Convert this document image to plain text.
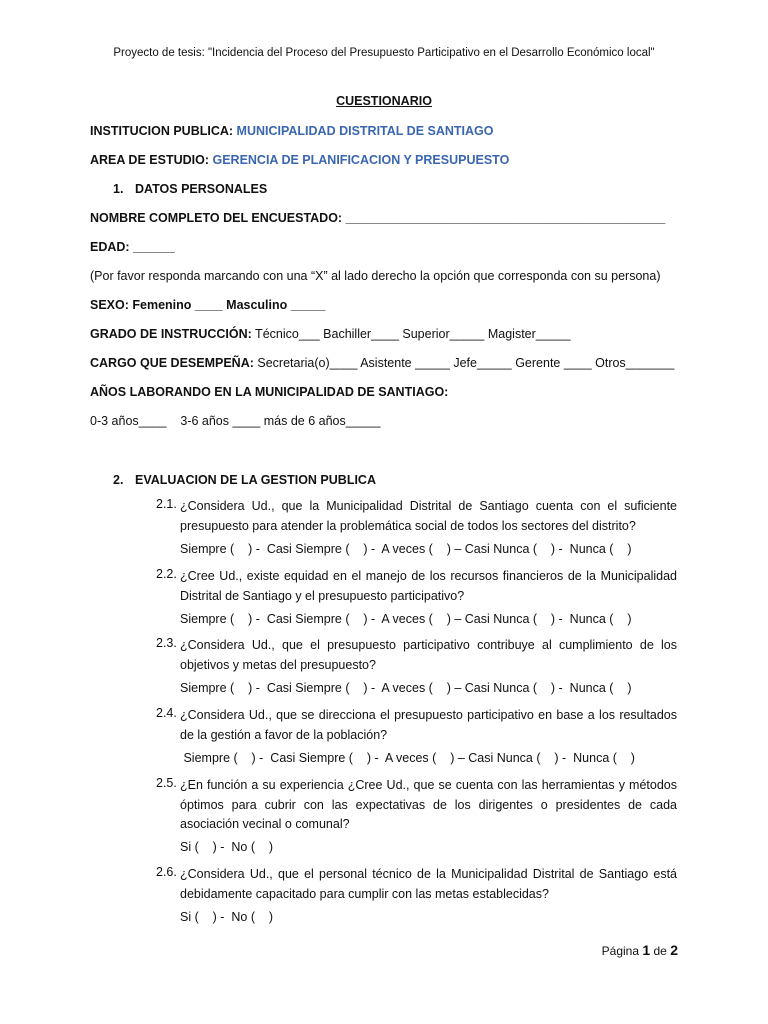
Proyecto de tesis: "Incidencia del Proceso del Presupuesto Participativo en el Desarrollo Económico local"
CUESTIONARIO
INSTITUCION PUBLICA: MUNICIPALIDAD DISTRITAL DE SANTIAGO
AREA DE ESTUDIO: GERENCIA DE PLANIFICACION Y PRESUPUESTO
1. DATOS PERSONALES
NOMBRE COMPLETO DEL ENCUESTADO: ______________________________________________
EDAD: ______
(Por favor responda marcando con una “X” al lado derecho la opción que corresponda con su persona)
SEXO: Femenino ____ Masculino _____
GRADO DE INSTRUCCIÓN: Técnico___ Bachiller____ Superior_____ Magister_____
CARGO QUE DESEMPEÑA: Secretaria(o)____ Asistente _____ Jefe_____ Gerente ____ Otros_______
AÑOS LABORANDO EN LA MUNICIPALIDAD DE SANTIAGO:
0-3 años____    3-6 años ____ más de 6 años_____
2. EVALUACION DE LA GESTION PUBLICA
2.1. ¿Considera Ud., que la Municipalidad Distrital de Santiago cuenta con el suficiente presupuesto para atender la problemática social de todos los sectores del distrito?
Siempre (    ) -  Casi Siempre (    ) -  A veces (    ) – Casi Nunca (    ) -  Nunca (    )
2.2. ¿Cree Ud., existe equidad en el manejo de los recursos financieros de la Municipalidad Distrital de Santiago y el presupuesto participativo?
Siempre (    ) -  Casi Siempre (    ) -  A veces (    ) – Casi Nunca (    ) -  Nunca (    )
2.3. ¿Considera Ud., que el presupuesto participativo contribuye al cumplimiento de los objetivos y metas del presupuesto?
Siempre (    ) -  Casi Siempre (    ) -  A veces (    ) – Casi Nunca (    ) -  Nunca (    )
2.4. ¿Considera Ud., que se direcciona el presupuesto participativo en base a los resultados de la gestión a favor de la población?
Siempre (    ) -  Casi Siempre (    ) -  A veces (    ) – Casi Nunca (    ) -  Nunca (    )
2.5. ¿En función a su experiencia ¿Cree Ud., que se cuenta con las herramientas y métodos óptimos para cubrir con las expectativas de los dirigentes o presidentes de cada asociación vecinal o comunal?
Si (    ) -  No (    )
2.6. ¿Considera Ud., que el personal técnico de la Municipalidad Distrital de Santiago está debidamente capacitado para cumplir con las metas establecidas?
Si (    ) -  No (    )
Página 1 de 2
